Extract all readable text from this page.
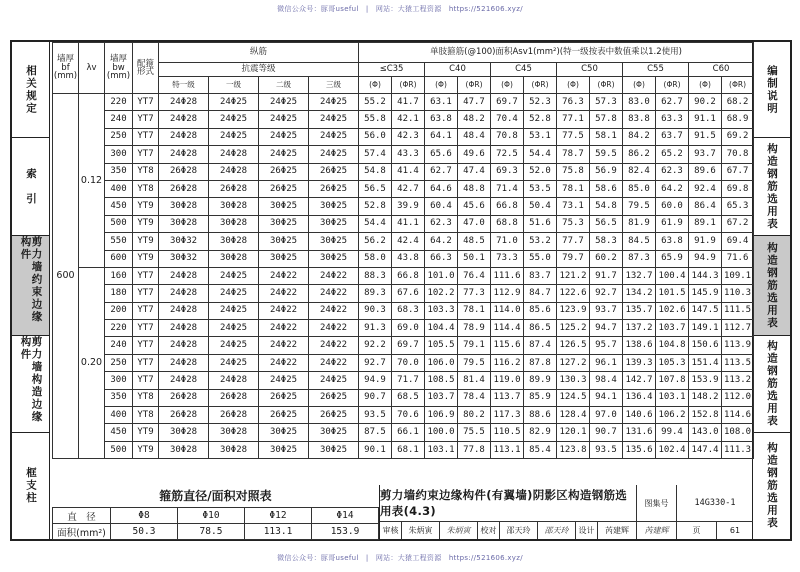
微信公众号：豚哥useful　|　网站：大猿工程资源　https://521606.xyz/
微信公众号：豚哥useful　|　网站：大猿工程资源　https://521606.xyz/
相关规定
索　引
剪力墙约束边缘构件
剪力墙构造边缘构件
框支柱
编制说明
构造钢筋选用表
构造钢筋选用表
构造钢筋选用表
构造钢筋选用表
墙厚 bf (mm)	λv	墙厚 bw (mm)	配箍形式	纵筋				单肢箍筋(@100)面积Asv1(mm²)(特一级按表中数值乘以1.2使用)											
				抗震等级				≤C35		C40		C45		C50		C55		C60	
				特一级	一级	二级	三级	(Φ)	(ΦR)	(Φ)	(ΦR)	(Φ)	(ΦR)	(Φ)	(ΦR)	(Φ)	(ΦR)	(Φ)	(ΦR)
600	0.12	220	YT7	24Φ28	24Φ25	24Φ25	24Φ25	55.2	41.7	63.1	47.7	69.7	52.3	76.3	57.3	83.0	62.7	90.2	68.2
		240	YT7	24Φ28	24Φ25	24Φ25	24Φ25	55.8	42.1	63.8	48.2	70.4	52.8	77.1	57.8	83.8	63.3	91.1	68.9
		250	YT7	24Φ28	24Φ25	24Φ25	24Φ25	56.0	42.3	64.1	48.4	70.8	53.1	77.5	58.1	84.2	63.7	91.5	69.2
		300	YT7	24Φ28	24Φ28	24Φ25	24Φ25	57.4	43.3	65.6	49.6	72.5	54.4	78.7	59.5	86.2	65.2	93.7	70.8
		350	YT8	26Φ28	24Φ28	26Φ25	26Φ25	54.8	41.4	62.7	47.4	69.3	52.0	75.8	56.9	82.4	62.3	89.6	67.7
		400	YT8	26Φ28	26Φ28	26Φ25	26Φ25	56.5	42.7	64.6	48.8	71.4	53.5	78.1	58.6	85.0	64.2	92.4	69.8
		450	YT9	30Φ28	30Φ28	30Φ25	30Φ25	52.8	39.9	60.4	45.6	66.8	50.4	73.1	54.8	79.5	60.0	86.4	65.3
		500	YT9	30Φ28	30Φ28	30Φ25	30Φ25	54.4	41.1	62.3	47.0	68.8	51.6	75.3	56.5	81.9	61.9	89.1	67.2
		550	YT9	30Φ32	30Φ28	30Φ25	30Φ25	56.2	42.4	64.2	48.5	71.0	53.2	77.7	58.3	84.5	63.8	91.9	69.4
		600	YT9	30Φ32	30Φ28	30Φ25	30Φ25	58.0	43.8	66.3	50.1	73.3	55.0	79.7	60.2	87.3	65.9	94.9	71.6
	0.20	160	YT7	24Φ28	24Φ25	24Φ22	24Φ22	88.3	66.8	101.0	76.4	111.6	83.7	121.2	91.7	132.7	100.4	144.3	109.1
		180	YT7	24Φ28	24Φ25	24Φ22	24Φ22	89.3	67.6	102.2	77.3	112.9	84.7	122.6	92.7	134.2	101.5	145.9	110.3
		200	YT7	24Φ28	24Φ25	24Φ22	24Φ22	90.3	68.3	103.3	78.1	114.0	85.6	123.9	93.7	135.7	102.6	147.5	111.5
		220	YT7	24Φ28	24Φ25	24Φ22	24Φ22	91.3	69.0	104.4	78.9	114.4	86.5	125.2	94.7	137.2	103.7	149.1	112.7
		240	YT7	24Φ28	24Φ25	24Φ22	24Φ22	92.2	69.7	105.5	79.1	115.6	87.4	126.5	95.7	138.6	104.8	150.6	113.9
		250	YT7	24Φ28	24Φ25	24Φ22	24Φ22	92.7	70.0	106.0	79.5	116.2	87.8	127.2	96.1	139.3	105.3	151.4	113.5
		300	YT7	24Φ28	24Φ28	24Φ25	24Φ25	94.9	71.7	108.5	81.4	119.0	89.9	130.3	98.4	142.7	107.8	153.9	113.2
		350	YT8	26Φ28	26Φ28	26Φ25	26Φ25	90.7	68.5	103.7	78.4	113.7	85.9	124.5	94.1	136.4	103.1	148.2	112.0
		400	YT8	26Φ28	26Φ28	26Φ25	26Φ25	93.5	70.6	106.9	80.2	117.3	88.6	128.4	97.0	140.6	106.2	152.8	114.6
		450	YT9	30Φ28	30Φ28	30Φ25	30Φ25	87.5	66.1	100.0	75.5	110.5	82.9	120.1	90.7	131.6	99.4	143.0	108.0
		500	YT9	30Φ28	30Φ28	30Φ25	30Φ25	90.1	68.1	103.1	77.8	113.1	85.4	123.8	93.5	135.6	102.4	147.4	111.3
箍筋直径/面积对照表
直　径	Φ8	Φ10	Φ12	Φ14
面积(mm²)	50.3	78.5	113.1	153.9
剪力墙约束边缘构件(有翼墙)阴影区构造钢筋选用表(4.3)
图集号	14G330-1
审核	朱炳寅	朱炳寅	校对	邵天玲	邵天玲	设计	芮建辉	芮建辉	页	61
